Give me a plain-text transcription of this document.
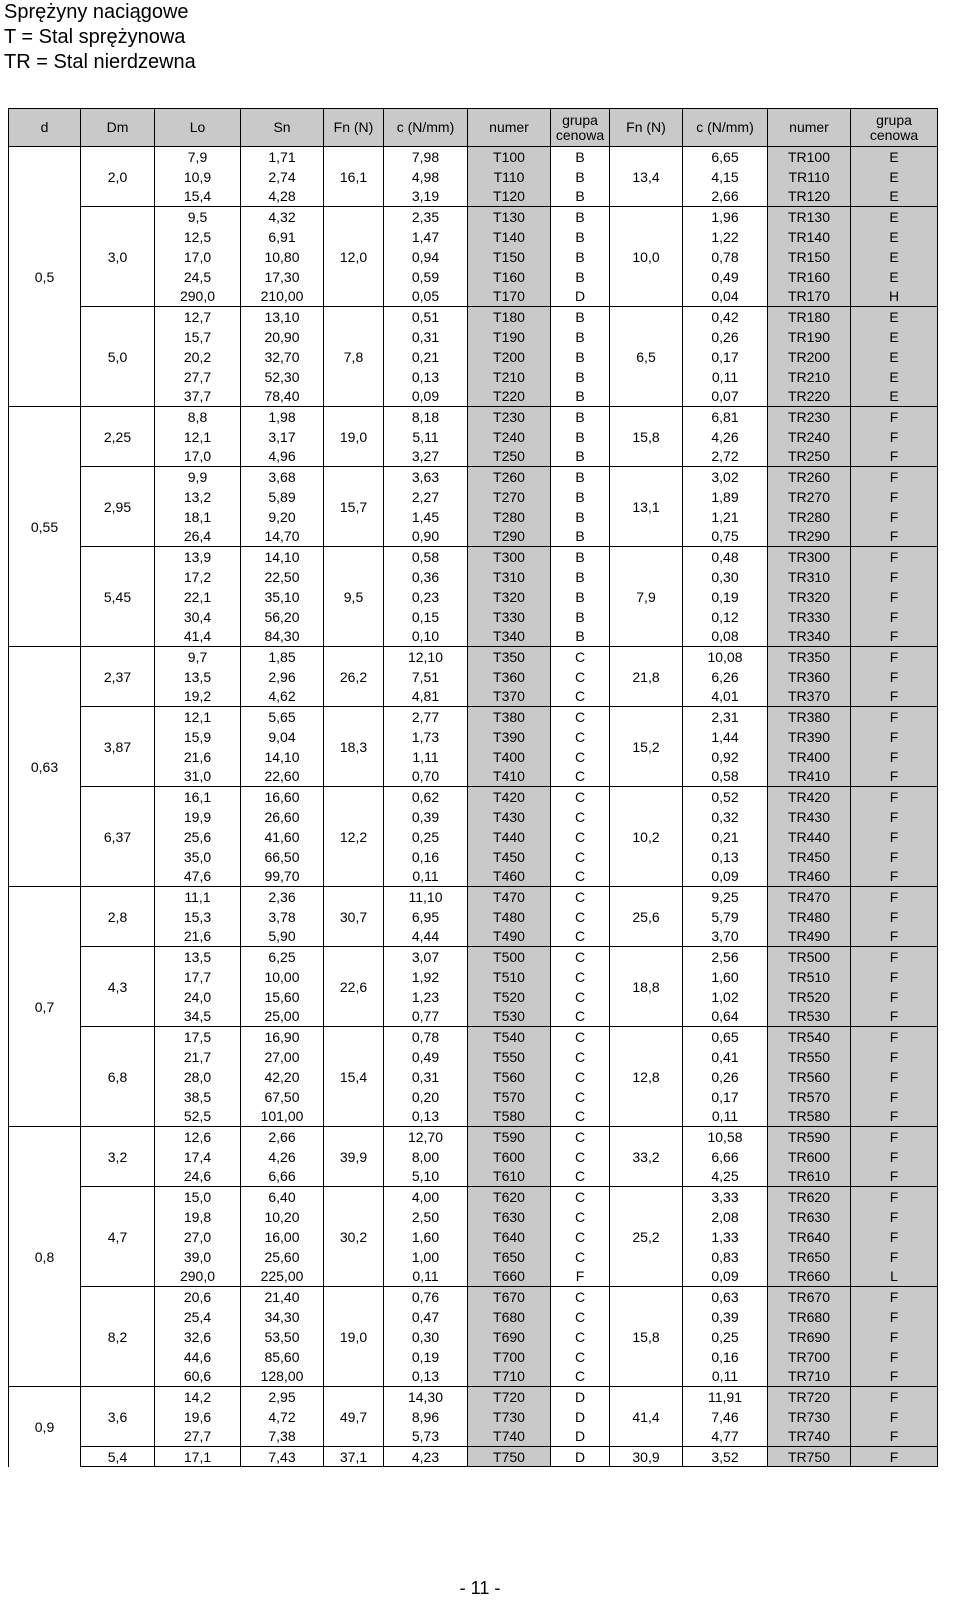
Sprężyny naciągowe
T = Stal sprężynowa
TR = Stal nierdzewna
d	Dm	Lo	Sn	Fn (N)	c (N/mm)	numer	grupa
cenowa	Fn (N)	c (N/mm)	numer	grupa
cenowa

0,5	2,0	7,9	1,71	16,1	7,98	T100	B	13,4	6,65	TR100	E
		10,9	2,74		4,98	T110	B		4,15	TR110	E
		15,4	4,28		3,19	T120	B		2,66	TR120	E
	3,0	9,5	4,32	12,0	2,35	T130	B	10,0	1,96	TR130	E
		12,5	6,91		1,47	T140	B		1,22	TR140	E
		17,0	10,80		0,94	T150	B		0,78	TR150	E
		24,5	17,30		0,59	T160	B		0,49	TR160	E
		290,0	210,00		0,05	T170	D		0,04	TR170	H
	5,0	12,7	13,10	7,8	0,51	T180	B	6,5	0,42	TR180	E
		15,7	20,90		0,31	T190	B		0,26	TR190	E
		20,2	32,70		0,21	T200	B		0,17	TR200	E
		27,7	52,30		0,13	T210	B		0,11	TR210	E
		37,7	78,40		0,09	T220	B		0,07	TR220	E
0,55	2,25	8,8	1,98	19,0	8,18	T230	B	15,8	6,81	TR230	F
		12,1	3,17		5,11	T240	B		4,26	TR240	F
		17,0	4,96		3,27	T250	B		2,72	TR250	F
	2,95	9,9	3,68	15,7	3,63	T260	B	13,1	3,02	TR260	F
		13,2	5,89		2,27	T270	B		1,89	TR270	F
		18,1	9,20		1,45	T280	B		1,21	TR280	F
		26,4	14,70		0,90	T290	B		0,75	TR290	F
	5,45	13,9	14,10	9,5	0,58	T300	B	7,9	0,48	TR300	F
		17,2	22,50		0,36	T310	B		0,30	TR310	F
		22,1	35,10		0,23	T320	B		0,19	TR320	F
		30,4	56,20		0,15	T330	B		0,12	TR330	F
		41,4	84,30		0,10	T340	B		0,08	TR340	F
0,63	2,37	9,7	1,85	26,2	12,10	T350	C	21,8	10,08	TR350	F
		13,5	2,96		7,51	T360	C		6,26	TR360	F
		19,2	4,62		4,81	T370	C		4,01	TR370	F
	3,87	12,1	5,65	18,3	2,77	T380	C	15,2	2,31	TR380	F
		15,9	9,04		1,73	T390	C		1,44	TR390	F
		21,6	14,10		1,11	T400	C		0,92	TR400	F
		31,0	22,60		0,70	T410	C		0,58	TR410	F
	6,37	16,1	16,60	12,2	0,62	T420	C	10,2	0,52	TR420	F
		19,9	26,60		0,39	T430	C		0,32	TR430	F
		25,6	41,60		0,25	T440	C		0,21	TR440	F
		35,0	66,50		0,16	T450	C		0,13	TR450	F
		47,6	99,70		0,11	T460	C		0,09	TR460	F
0,7	2,8	11,1	2,36	30,7	11,10	T470	C	25,6	9,25	TR470	F
		15,3	3,78		6,95	T480	C		5,79	TR480	F
		21,6	5,90		4,44	T490	C		3,70	TR490	F
	4,3	13,5	6,25	22,6	3,07	T500	C	18,8	2,56	TR500	F
		17,7	10,00		1,92	T510	C		1,60	TR510	F
		24,0	15,60		1,23	T520	C		1,02	TR520	F
		34,5	25,00		0,77	T530	C		0,64	TR530	F
	6,8	17,5	16,90	15,4	0,78	T540	C	12,8	0,65	TR540	F
		21,7	27,00		0,49	T550	C		0,41	TR550	F
		28,0	42,20		0,31	T560	C		0,26	TR560	F
		38,5	67,50		0,20	T570	C		0,17	TR570	F
		52,5	101,00		0,13	T580	C		0,11	TR580	F
0,8	3,2	12,6	2,66	39,9	12,70	T590	C	33,2	10,58	TR590	F
		17,4	4,26		8,00	T600	C		6,66	TR600	F
		24,6	6,66		5,10	T610	C		4,25	TR610	F
	4,7	15,0	6,40	30,2	4,00	T620	C	25,2	3,33	TR620	F
		19,8	10,20		2,50	T630	C		2,08	TR630	F
		27,0	16,00		1,60	T640	C		1,33	TR640	F
		39,0	25,60		1,00	T650	C		0,83	TR650	F
		290,0	225,00		0,11	T660	F		0,09	TR660	L
	8,2	20,6	21,40	19,0	0,76	T670	C	15,8	0,63	TR670	F
		25,4	34,30		0,47	T680	C		0,39	TR680	F
		32,6	53,50		0,30	T690	C		0,25	TR690	F
		44,6	85,60		0,19	T700	C		0,16	TR700	F
		60,6	128,00		0,13	T710	C		0,11	TR710	F
0,9	3,6	14,2	2,95	49,7	14,30	T720	D	41,4	11,91	TR720	F
		19,6	4,72		8,96	T730	D		7,46	TR730	F
		27,7	7,38		5,73	T740	D		4,77	TR740	F
	5,4	17,1	7,43	37,1	4,23	T750	D	30,9	3,52	TR750	F
- 11 -
